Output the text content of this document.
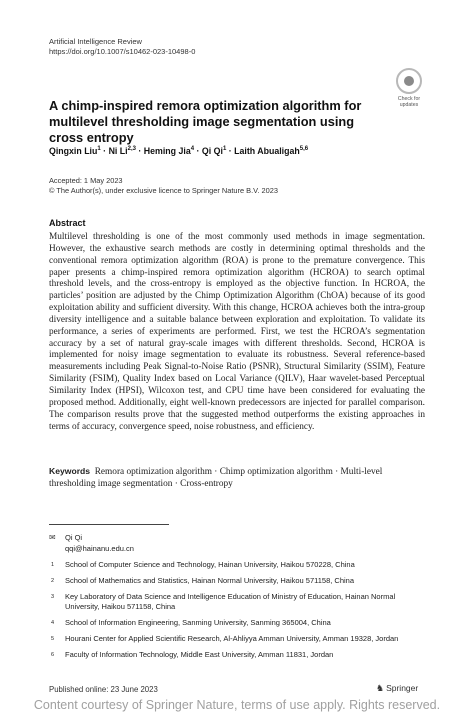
Artificial Intelligence Review
https://doi.org/10.1007/s10462-023-10498-0
Check for
updates
A chimp-inspired remora optimization algorithm for multilevel thresholding image segmentation using cross entropy
Qingxin Liu$^1$ · Ni Li$^{2,3}$ · Heming Jia$^4$ · Qi $Qi^1$ · Laith Abualigah$^{5,6}$
Accepted: 1 May 2023
© The Author(s), under exclusive licence to Springer Nature B.V. 2023
Abstract

Multilevel thresholding is one of the most commonly used methods in image segmentation. However, the exhaustive search methods are costly in determining optimal thresholds and the conventional remora optimization algorithm (ROA) is prone to the premature convergence. This paper presents a chimp-inspired remora optimization algorithm (HCROA) to search optimal threshold levels, and the cross-entropy is employed as the objective function. In HCROA, the particles’ position are adjusted by the Chimp Optimization Algorithm (ChOA) because of its good exploitation ability and sufficient diversity. With this change, HCROA achieves both the intra-group diversity intelligence and a suitable balance between exploration and exploitation. To validate its performance, a series of experiments are performed. First, we test the HCROA’s segmentation accuracy by a set of natural gray-scale images with different thresholds. Second, HCROA is implemented for noisy image segmentation to evaluate its robustness. Several reference-based measurements including Peak Signal-to-Noise Ratio (PSNR), Structural Similarity (SSIM), Feature Similarity (FSIM), Quality Index based on Local Variance (QILV), Haar wavelet-based Perceptual Similarity Index (HPSI), Wilcoxon test, and CPU time have been considered for evaluating the proposed method. Additionally, eight well-known predecessors are injected for parallel comparison. The comparison results prove that the suggested method outperforms the existing approaches in terms of accuracy, convergence speed, noise robustness, and efficiency.

Keywords Remora optimization algorithm · Chimp optimization algorithm · Multi-level thresholding image segmentation · Cross-entropy

✉ Qi Qi
qqi@hainanu.edu.cn
1 School of Computer Science and Technology, Hainan University, Haikou 570228, China
2 School of Mathematics and Statistics, Hainan Normal University, Haikou 571158, China
3 Key Laboratory of Data Science and Intelligence Education of Ministry of Education, Hainan Normal University, Haikou 571158, China
4 School of Information Engineering, Sanming University, Sanming 365004, China
5 Hourani Center for Applied Scientific Research, Al-Ahliyya Amman University, Amman 19328, Jordan
6 Faculty of Information Technology, Middle East University, Amman 11831, Jordan
Published online: 23 June 2023	♞ Springer
Content courtesy of Springer Nature, terms of use apply. Rights reserved.
